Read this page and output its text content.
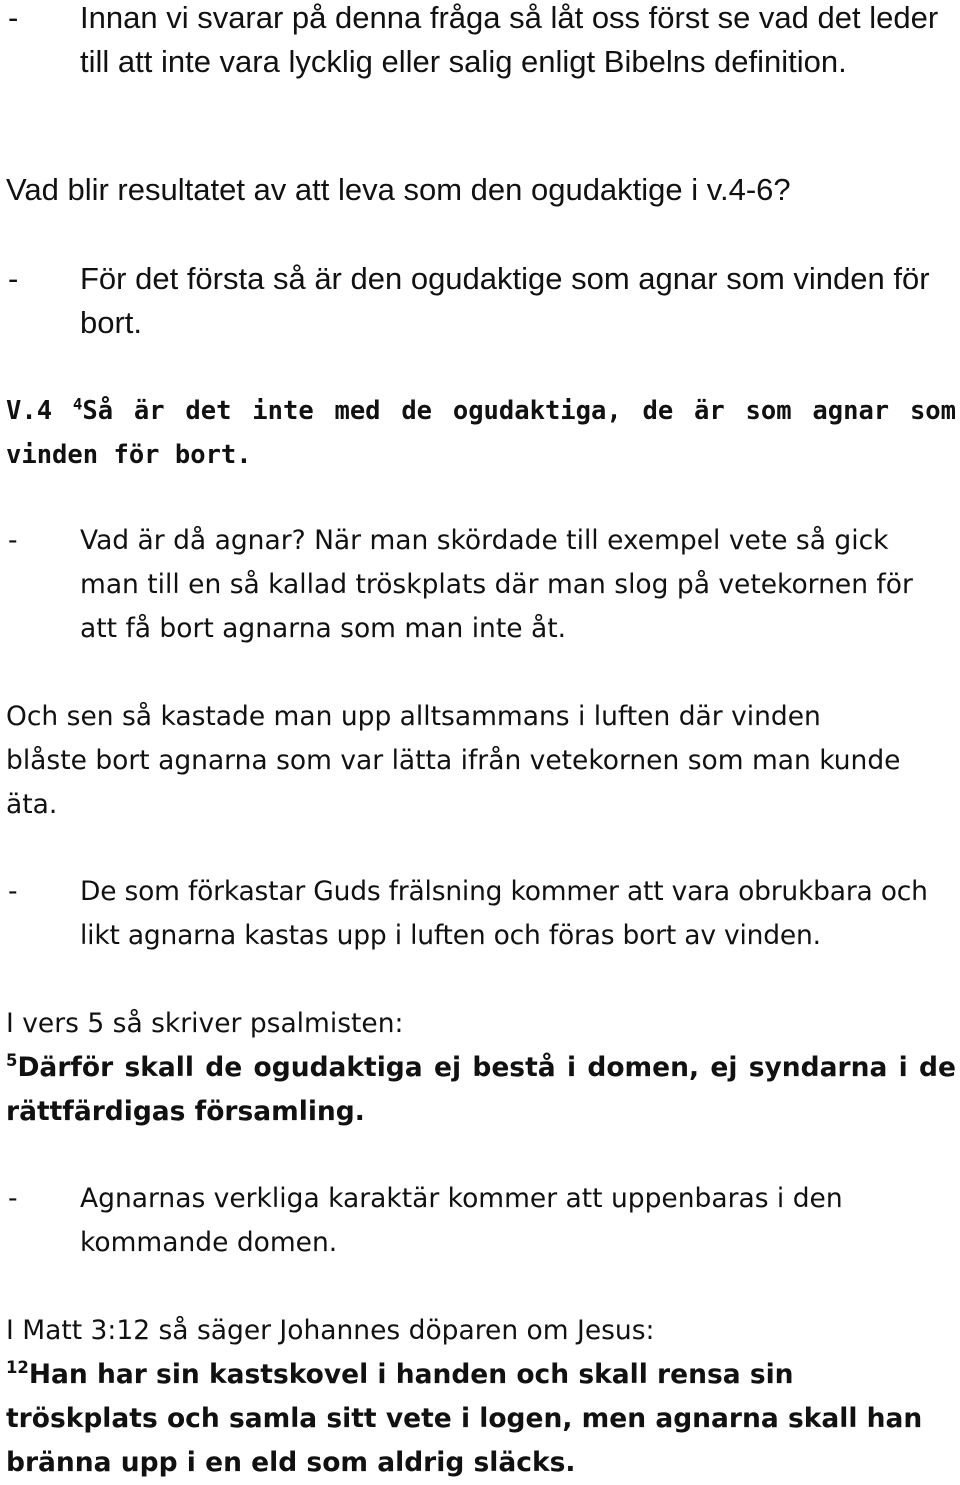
-	Innan vi svarar på denna fråga så låt oss först se vad det leder till att inte vara lycklig eller salig enligt Bibelns definition.
Vad blir resultatet av att leva som den ogudaktige i v.4-6?
-	För det första så är den ogudaktige som agnar som vinden för bort.
V.4 $^4$Så är det inte med de ogudaktiga, de är som agnar som vinden för bort.
-	Vad är då agnar? När man skördade till exempel vete så gick man till en så kallad tröskplats där man slog på vetekornen för att få bort agnarna som man inte åt.
Och sen så kastade man upp alltsammans i luften där vinden blåste bort agnarna som var lätta ifrån vetekornen som man kunde äta.
-	De som förkastar Guds frälsning kommer att vara obrukbara och likt agnarna kastas upp i luften och föras bort av vinden.
I vers 5 så skriver psalmisten:
$^5$Därför skall de ogudaktiga ej bestå i domen, ej syndarna i de rättfärdigas församling.
-	Agnarnas verkliga karaktär kommer att uppenbaras i den kommande domen.
I Matt 3:12 så säger Johannes döparen om Jesus:
$^{12}$Han har sin kastskovel i handen och skall rensa sin tröskplats och samla sitt vete i logen, men agnarna skall han bränna upp i en eld som aldrig släcks.
